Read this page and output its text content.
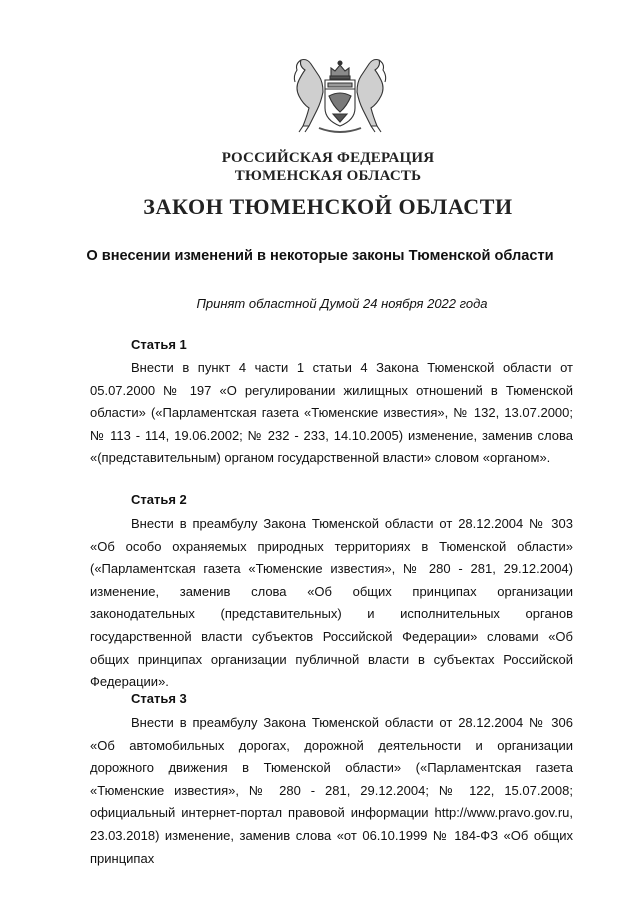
РОССИЙСКАЯ ФЕДЕРАЦИЯ
ТЮМЕНСКАЯ ОБЛАСТЬ
ЗАКОН ТЮМЕНСКОЙ ОБЛАСТИ
О внесении изменений в некоторые законы Тюменской области
Принят областной Думой 24 ноября 2022 года
Статья 1
Внести в пункт 4 части 1 статьи 4 Закона Тюменской области от 05.07.2000 № 197 «О регулировании жилищных отношений в Тюменской области» («Парламентская газета «Тюменские известия», № 132, 13.07.2000; № 113 - 114, 19.06.2002; № 232 - 233, 14.10.2005) изменение, заменив слова «(представительным) органом государственной власти» словом «органом».
Статья 2
Внести в преамбулу Закона Тюменской области от 28.12.2004 № 303 «Об особо охраняемых природных территориях в Тюменской области» («Парламентская газета «Тюменские известия», № 280 - 281, 29.12.2004) изменение, заменив слова «Об общих принципах организации законодательных (представительных) и исполнительных органов государственной власти субъектов Российской Федерации» словами «Об общих принципах организации публичной власти в субъектах Российской Федерации».
Статья 3
Внести в преамбулу Закона Тюменской области от 28.12.2004 № 306 «Об автомобильных дорогах, дорожной деятельности и организации дорожного движения в Тюменской области» («Парламентская газета «Тюменские известия», № 280 - 281, 29.12.2004; № 122, 15.07.2008; официальный интернет-портал правовой информации http://www.pravo.gov.ru, 23.03.2018) изменение, заменив слова «от 06.10.1999 № 184-ФЗ «Об общих принципах
